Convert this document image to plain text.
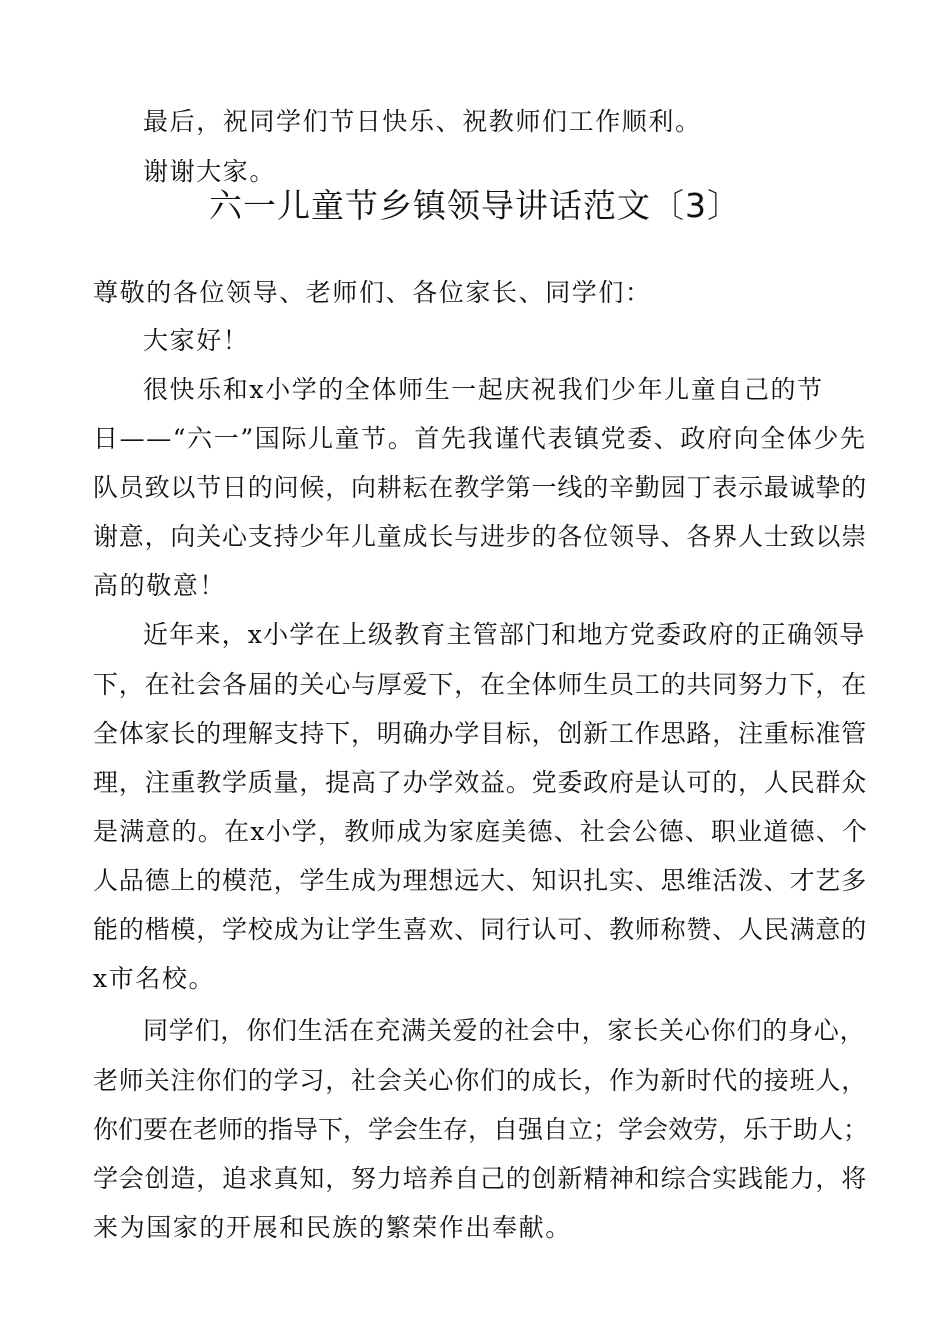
最后，祝同学们节日快乐、祝教师们工作顺利。
谢谢大家。
六一儿童节乡镇领导讲话范文〔3〕
尊敬的各位领导、老师们、各位家长、同学们：
大家好！
很快乐和x小学的全体师生一起庆祝我们少年儿童自己的节
日——“六一”国际儿童节。首先我谨代表镇党委、政府向全体少先
队员致以节日的问候，向耕耘在教学第一线的辛勤园丁表示最诚挚的
谢意，向关心支持少年儿童成长与进步的各位领导、各界人士致以崇
高的敬意！
近年来，x小学在上级教育主管部门和地方党委政府的正确领导
下，在社会各届的关心与厚爱下，在全体师生员工的共同努力下，在
全体家长的理解支持下，明确办学目标，创新工作思路，注重标准管
理，注重教学质量，提高了办学效益。党委政府是认可的，人民群众
是满意的。在x小学，教师成为家庭美德、社会公德、职业道德、个
人品德上的模范，学生成为理想远大、知识扎实、思维活泼、才艺多
能的楷模，学校成为让学生喜欢、同行认可、教师称赞、人民满意的
x市名校。
同学们，你们生活在充满关爱的社会中，家长关心你们的身心，
老师关注你们的学习，社会关心你们的成长，作为新时代的接班人，
你们要在老师的指导下，学会生存，自强自立；学会效劳，乐于助人；
学会创造，追求真知，努力培养自己的创新精神和综合实践能力，将
来为国家的开展和民族的繁荣作出奉献。
